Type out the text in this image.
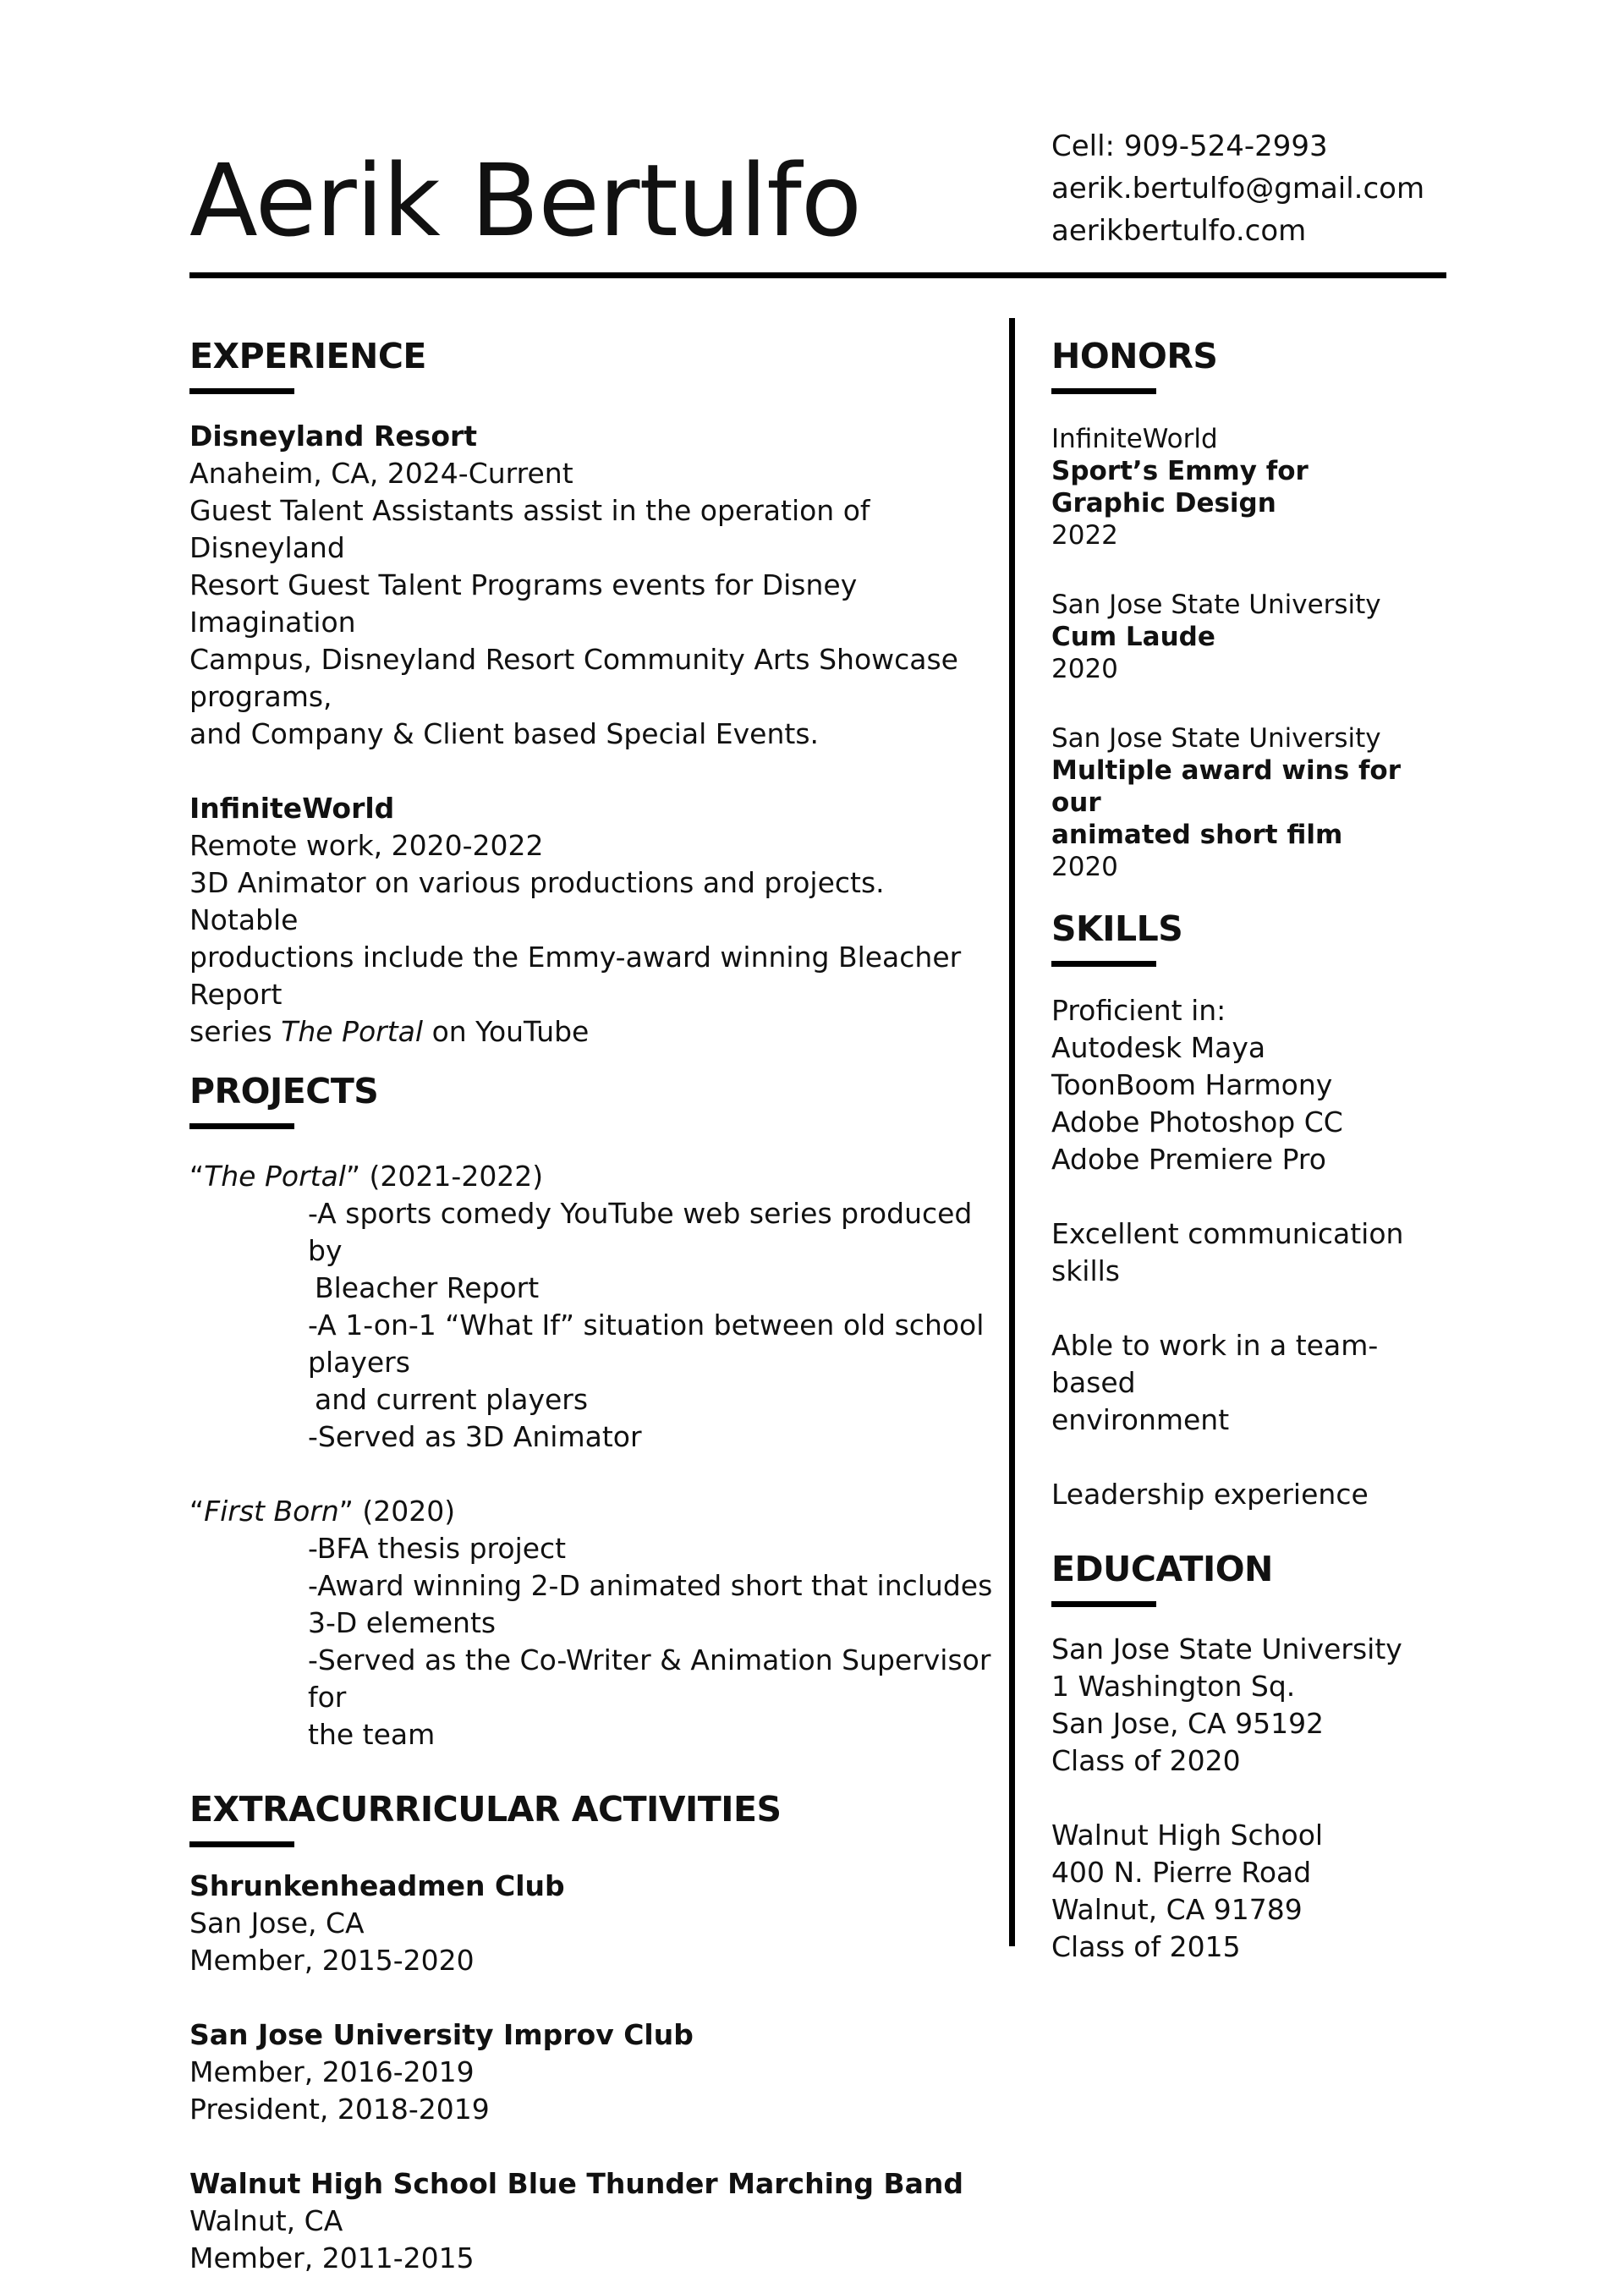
Aerik Bertulfo	Cell: 909-524-2993
aerik.bertulfo@gmail.com
aerikbertulfo.com
EXPERIENCE

Disneyland Resort

Anaheim, CA, 2024-Current

Guest Talent Assistants assist in the operation of Disneyland

Resort Guest Talent Programs events for Disney Imagination

Campus, Disneyland Resort Community Arts Showcase programs,

and Company & Client based Special Events.

InfiniteWorld

Remote work, 2020-2022

3D Animator on various productions and projects. Notable

productions include the Emmy-award winning Bleacher Report

series The Portal on YouTube

PROJECTS

“The Portal” (2021-2022)

-A sports comedy YouTube web series produced by

Bleacher Report

-A 1-on-1 “What If” situation between old school players

and current players

-Served as 3D Animator

“First Born” (2020)

-BFA thesis project

-Award winning 2-D animated short that includes

3-D elements

-Served as the Co-Writer & Animation Supervisor for

the team

EXTRACURRICULAR ACTIVITIES

Shrunkenheadmen Club

San Jose, CA

Member, 2015-2020

San Jose University Improv Club

Member, 2016-2019

President, 2018-2019

Walnut High School Blue Thunder Marching Band

Walnut, CA

Member, 2011-2015

HONORS

InfiniteWorld

Sport’s Emmy for

Graphic Design

2022

San Jose State University

Cum Laude

2020

San Jose State University

Multiple award wins for our

animated short film

2020

SKILLS

Proficient in:

Autodesk Maya

ToonBoom Harmony

Adobe Photoshop CC

Adobe Premiere Pro

Excellent communication skills

Able to work in a team-based

environment

Leadership experience

EDUCATION

San Jose State University

1 Washington Sq.

San Jose, CA 95192

Class of 2020

Walnut High School

400 N. Pierre Road

Walnut, CA 91789

Class of 2015
